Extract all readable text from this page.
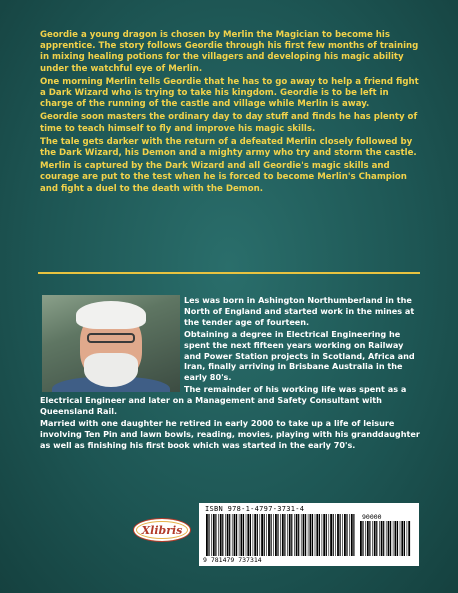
Geordie a young dragon is chosen by Merlin the Magician to become his apprentice. The story follows Geordie through his first few months of training in mixing healing potions for the villagers and developing his magic ability under the watchful eye of Merlin.

One morning Merlin tells Geordie that he has to go away to help a friend fight a Dark Wizard who is trying to take his kingdom. Geordie is to be left in charge of the running of the castle and village while Merlin is away.

Geordie soon masters the ordinary day to day stuff and finds he has plenty of time to teach himself to fly and improve his magic skills.

The tale gets darker with the return of a defeated Merlin closely followed by the Dark Wizard, his Demon and a mighty army who try and storm the castle.

Merlin is captured by the Dark Wizard and all Geordie's magic skills and courage are put to the test when he is forced to become Merlin's Champion and fight a duel to the death with the Demon.

Les was born in Ashington Northumberland in the North of England and started work in the mines at the tender age of fourteen.

Obtaining a degree in Electrical Engineering he spent the next fifteen years working on Railway and Power Station projects in Scotland, Africa and Iran, finally arriving in Brisbane Australia in the early 80's.

The remainder of his working life was spent as a Electrical Engineer and later on a Management and Safety Consultant with Queensland Rail.

Married with one daughter he retired in early 2000 to take up a life of leisure involving Ten Pin and lawn bowls, reading, movies, playing with his granddaughter as well as finishing his first book which was started in the early 70's.

Xlibris
ISBN 978-1-4797-3731-4
90000
9 781479 737314
